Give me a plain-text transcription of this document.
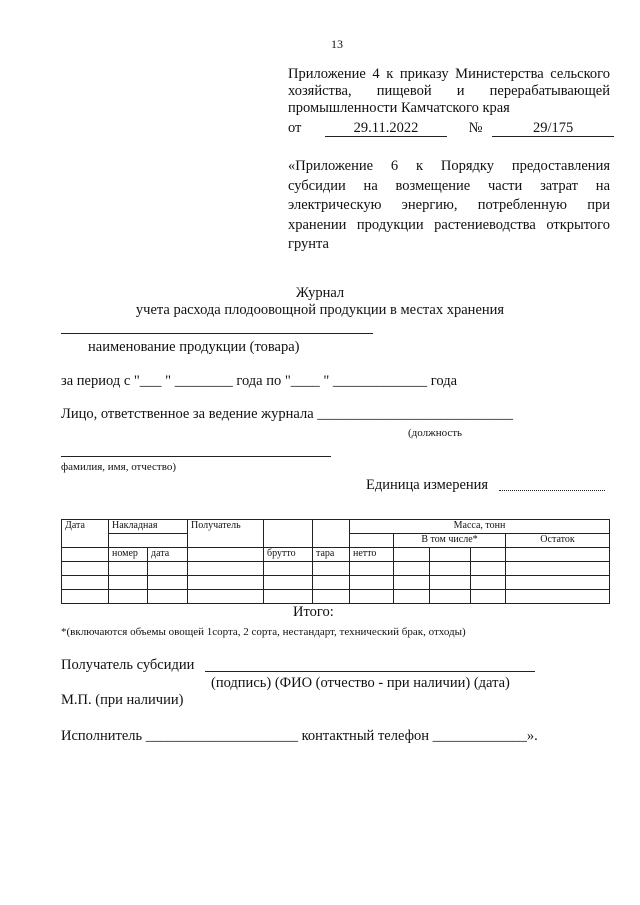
13
Приложение 4 к приказу Министерства сельского
хозяйства, пищевой и перерабатывающей
промышленности Камчатского края
от	29.11.2022	№	29/175
«Приложение 6 к Порядку предоставления
субсидии на возмещение части затрат на
электрическую энергию, потребленную при
хранении продукции растениеводства открытого
грунта
Журнал
учета расхода плодоовощной продукции в местах хранения
наименование продукции (товара)
за период с "___ " ________ года по "____ " _____________ года
Лицо, ответственное за ведение журнала ___________________________
(должность
фамилия, имя, отчество)
Единица измерения
Дата	Накладная		Получатель			Масса, тонн				
							В том числе*			Остаток
	номер	дата		брутто	тара	нетто				

Итого:
*(включаются объемы овощей 1сорта, 2 сорта, нестандарт, технический брак, отходы)
Получатель субсидии
(подпись) (ФИО (отчество - при наличии) (дата)
М.П. (при наличии)
Исполнитель _____________________ контактный телефон _____________».
